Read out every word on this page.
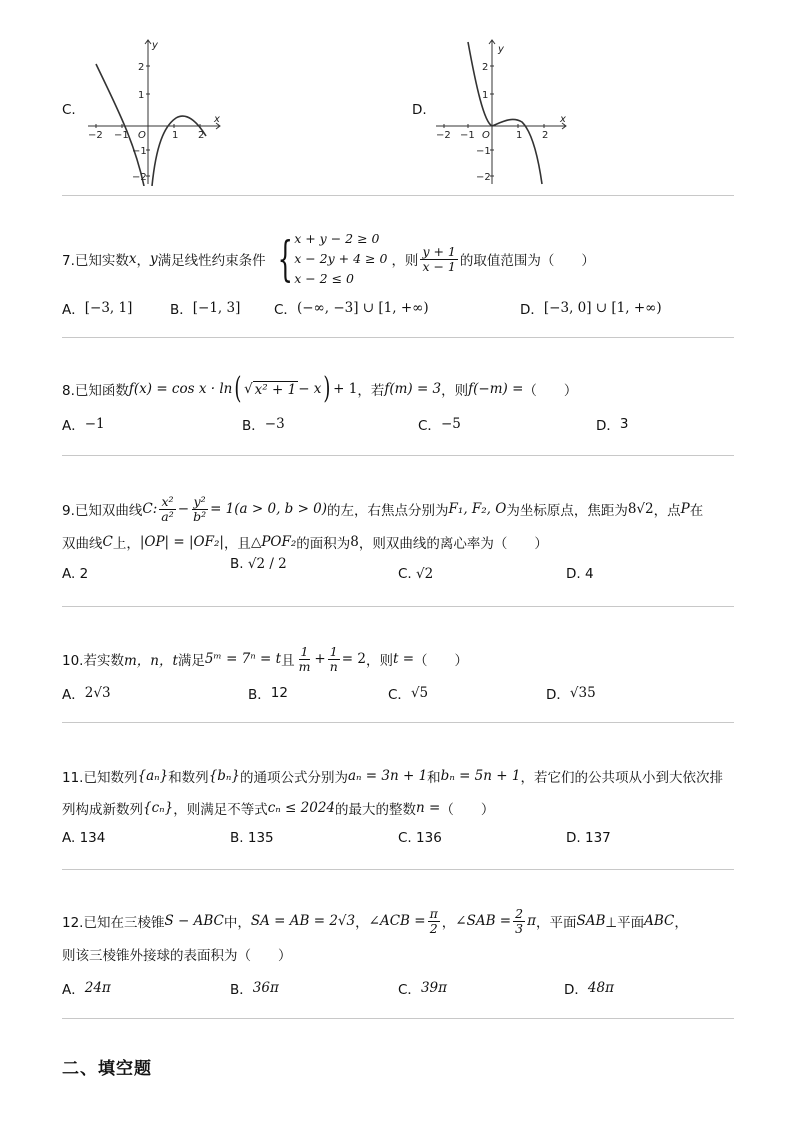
C.
x
y
O
−2 −1	1 2
2
1
−1
−2
D.
x
y
O
−2 −1	1 2
2
1
−1
−2
7.已知实数 x ， y 满足线性约束条件 { x + y − 2 ≥ 0
x − 2y + 4 ≥ 0
x − 2 ≤ 0
，则 $\frac{y + 1}{x - 1}$ 的取值范围为（　　）
A． [−3, 1]	B． [−1, 3] C． (−∞, −3] ∪ [1, +∞)	D． [−3, 0] ∪ [1, +∞)
8.已知函数 f(x) = cos x · ln ( √ x² + 1 − x ) + 1 ，若 f(m) = 3 ，则 f(−m) = （　　）
A． −1	B． −3	C． −5	D． 3
9.已知双曲线 C: $\frac{\text{x²}}{\text{a²}} - \frac{\text{y²}}{\text{b²}} = 1(a > 0$, b > 0) 的左，右焦点分别为 F₁, F₂, O 为坐标原点，焦距为 8√2 ，点 P 在
双曲线 C 上， |OP| = |OF₂| ，且 △POF₂ 的面积为 8 ，则双曲线的离心率为（　　）
A.
2
B.
√2 / 2
C.
√2	D.
4
10.若实数 m，n，t 满足 5ᵐ = 7ⁿ = t 且 $\frac{1}{m} + \frac{1}{n} = 2$ ，则 t = （　　）
A． 2√3	B． 12	C． √5	D． √35
11.已知数列 {aₙ} 和数列 {bₙ} 的通项公式分别为 aₙ = 3n + 1 和 bₙ = 5n + 1 ，若它们的公共项从小到大依次排
列构成新数列 {cₙ} ，则满足不等式 cₙ ≤ 2024 的最大的整数 n = （　　）
A.
134	B.
135	C.
136	D.
137
12.已知在三棱锥 S − ABC 中， SA = AB = 2√3 ， ∠ACB = $\frac{\pi}{2}$ ， ∠SAB = $\frac{2}{3}$ π ，平面 SAB ⊥平面 ABC ，
则该三棱锥外接球的表面积为（　　）
A． 24π	B． 36π	C． 39π	D． 48π
二、填空题
